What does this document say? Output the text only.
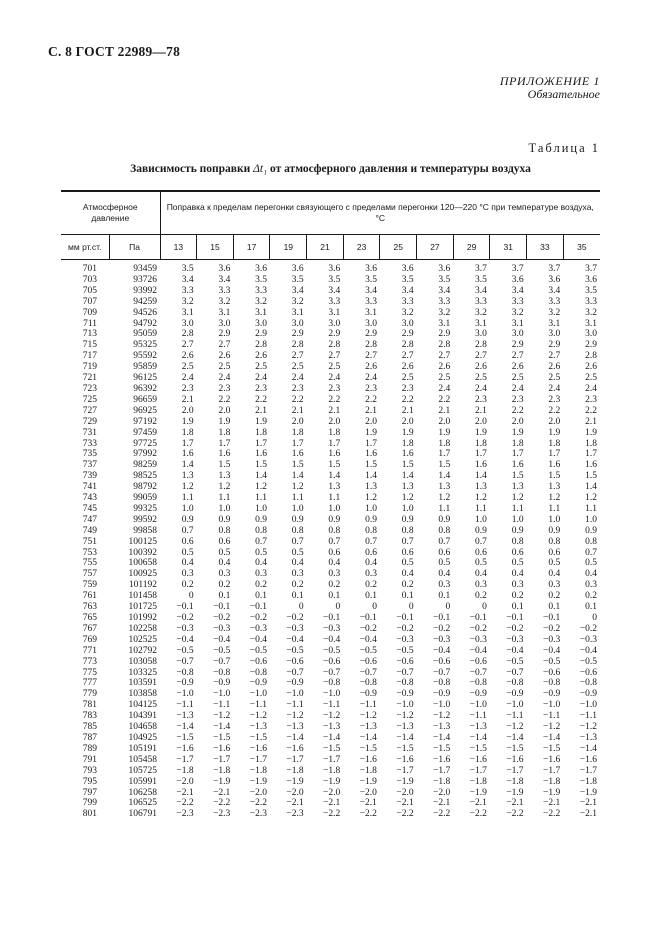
С. 8 ГОСТ 22989—78
ПРИЛОЖЕНИЕ 1
Обязательное
Таблица 1
Зависимость поправки Δt₁ от атмосферного давления и температуры воздуха
Атмосферное давление		Поправка к пределам перегонки связующего с пределами перегонки 120—220 °С при температуре воздуха, °С											
мм рт.ст.	Па	13	15	17	19	21	23	25	27	29	31	33	35
701	93459	3.5	3.6	3.6	3.6	3.6	3.6	3.6	3.6	3.7	3.7	3.7	3.7
703	93726	3.4	3.4	3.5	3.5	3.5	3.5	3.5	3.5	3.5	3.6	3.6	3.6
705	93992	3.3	3.3	3.3	3.4	3.4	3.4	3.4	3.4	3.4	3.4	3.4	3.5
707	94259	3.2	3.2	3.2	3.2	3.3	3.3	3.3	3.3	3.3	3.3	3.3	3.3
709	94526	3.1	3.1	3.1	3.1	3.1	3.1	3.2	3.2	3.2	3.2	3.2	3.2
711	94792	3.0	3.0	3.0	3.0	3.0	3.0	3.0	3.1	3.1	3.1	3.1	3.1
713	95059	2.8	2.9	2.9	2.9	2.9	2.9	2.9	2.9	3.0	3.0	3.0	3.0
715	95325	2.7	2.7	2.8	2.8	2.8	2.8	2.8	2.8	2.8	2.9	2.9	2.9
717	95592	2.6	2.6	2.6	2.7	2.7	2.7	2.7	2.7	2.7	2.7	2.7	2.8
719	95859	2.5	2.5	2.5	2.5	2.5	2.6	2.6	2.6	2.6	2.6	2.6	2.6
721	96125	2.4	2.4	2.4	2.4	2.4	2.4	2.5	2.5	2.5	2.5	2.5	2.5
723	96392	2.3	2.3	2.3	2.3	2.3	2.3	2.3	2.4	2.4	2.4	2.4	2.4
725	96659	2.1	2.2	2.2	2.2	2.2	2.2	2.2	2.2	2.3	2.3	2.3	2.3
727	96925	2.0	2.0	2.1	2.1	2.1	2.1	2.1	2.1	2.1	2.2	2.2	2.2
729	97192	1.9	1.9	1.9	2.0	2.0	2.0	2.0	2.0	2.0	2.0	2.0	2.1
731	97459	1.8	1.8	1.8	1.8	1.8	1.9	1.9	1.9	1.9	1.9	1.9	1.9
733	97725	1.7	1.7	1.7	1.7	1.7	1.7	1.8	1.8	1.8	1.8	1.8	1.8
735	97992	1.6	1.6	1.6	1.6	1.6	1.6	1.6	1.7	1.7	1.7	1.7	1.7
737	98259	1.4	1.5	1.5	1.5	1.5	1.5	1.5	1.5	1.6	1.6	1.6	1.6
739	98525	1.3	1.3	1.4	1.4	1.4	1.4	1.4	1.4	1.4	1.5	1.5	1.5
741	98792	1.2	1.2	1.2	1.2	1.3	1.3	1.3	1.3	1.3	1.3	1.3	1.4
743	99059	1.1	1.1	1.1	1.1	1.1	1.2	1.2	1.2	1.2	1.2	1.2	1.2
745	99325	1.0	1.0	1.0	1.0	1.0	1.0	1.0	1.1	1.1	1.1	1.1	1.1
747	99592	0.9	0.9	0.9	0.9	0.9	0.9	0.9	0.9	1.0	1.0	1.0	1.0
749	99858	0.7	0.8	0.8	0.8	0.8	0.8	0.8	0.8	0.9	0.9	0.9	0.9
751	100125	0.6	0.6	0.7	0.7	0.7	0.7	0.7	0.7	0.7	0.8	0.8	0.8
753	100392	0.5	0.5	0.5	0.5	0.6	0.6	0.6	0.6	0.6	0.6	0.6	0.7
755	100658	0.4	0.4	0.4	0.4	0.4	0.4	0.5	0.5	0.5	0.5	0.5	0.5
757	100925	0.3	0.3	0.3	0.3	0.3	0.3	0.4	0.4	0.4	0.4	0.4	0.4
759	101192	0.2	0.2	0.2	0.2	0.2	0.2	0.2	0.3	0.3	0.3	0.3	0.3
761	101458	0	0.1	0.1	0.1	0.1	0.1	0.1	0.1	0.2	0.2	0.2	0.2
763	101725	−0.1	−0.1	−0.1	0	0	0	0	0	0	0.1	0.1	0.1
765	101992	−0.2	−0.2	−0.2	−0.2	−0.1	−0.1	−0.1	−0.1	−0.1	−0.1	−0.1	0
767	102258	−0.3	−0.3	−0.3	−0.3	−0.3	−0.2	−0.2	−0.2	−0.2	−0.2	−0.2	−0.2
769	102525	−0.4	−0.4	−0.4	−0.4	−0.4	−0.4	−0.3	−0.3	−0.3	−0.3	−0.3	−0.3
771	102792	−0.5	−0.5	−0.5	−0.5	−0.5	−0.5	−0.5	−0.4	−0.4	−0.4	−0.4	−0.4
773	103058	−0.7	−0.7	−0.6	−0.6	−0.6	−0.6	−0.6	−0.6	−0.6	−0.5	−0.5	−0.5
775	103325	−0.8	−0.8	−0.8	−0.7	−0.7	−0.7	−0.7	−0.7	−0.7	−0.7	−0.6	−0.6
777	103591	−0.9	−0.9	−0.9	−0.9	−0.8	−0.8	−0.8	−0.8	−0.8	−0.8	−0.8	−0.8
779	103858	−1.0	−1.0	−1.0	−1.0	−1.0	−0.9	−0.9	−0.9	−0.9	−0.9	−0.9	−0.9
781	104125	−1.1	−1.1	−1.1	−1.1	−1.1	−1.1	−1.0	−1.0	−1.0	−1.0	−1.0	−1.0
783	104391	−1.3	−1.2	−1.2	−1.2	−1.2	−1.2	−1.2	−1.2	−1.1	−1.1	−1.1	−1.1
785	104658	−1.4	−1.4	−1.3	−1.3	−1.3	−1.3	−1.3	−1.3	−1.3	−1.2	−1.2	−1.2
787	104925	−1.5	−1.5	−1.5	−1.4	−1.4	−1.4	−1.4	−1.4	−1.4	−1.4	−1.4	−1.3
789	105191	−1.6	−1.6	−1.6	−1.6	−1.5	−1.5	−1.5	−1.5	−1.5	−1.5	−1.5	−1.4
791	105458	−1.7	−1.7	−1.7	−1.7	−1.7	−1.6	−1.6	−1.6	−1.6	−1.6	−1.6	−1.6
793	105725	−1.8	−1.8	−1.8	−1.8	−1.8	−1.8	−1.7	−1.7	−1.7	−1.7	−1.7	−1.7
795	105991	−2.0	−1.9	−1.9	−1.9	−1.9	−1.9	−1.9	−1.8	−1.8	−1.8	−1.8	−1.8
797	106258	−2.1	−2.1	−2.0	−2.0	−2.0	−2.0	−2.0	−2.0	−1.9	−1.9	−1.9	−1.9
799	106525	−2.2	−2.2	−2.2	−2.1	−2.1	−2.1	−2.1	−2.1	−2.1	−2.1	−2.1	−2.1
801	106791	−2.3	−2.3	−2.3	−2.3	−2.2	−2.2	−2.2	−2.2	−2.2	−2.2	−2.2	−2.1
